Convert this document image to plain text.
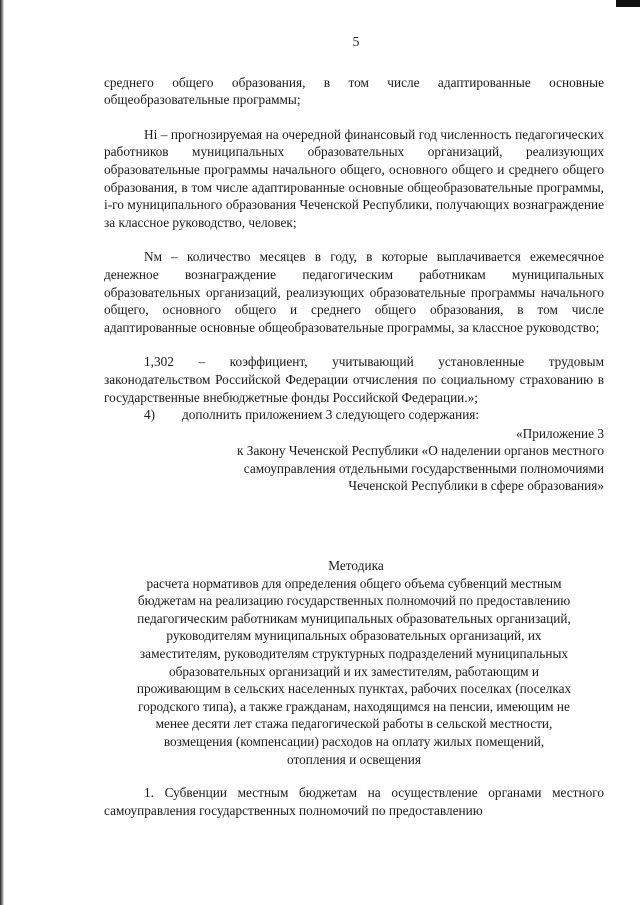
5

среднего общего образования, в том числе адаптированные основные общеобразовательные программы;

Нi – прогнозируемая на очередной финансовый год численность педагогических работников муниципальных образовательных организаций, реализующих образовательные программы начального общего, основного общего и среднего общего образования, в том числе адаптированные основные общеобразовательные программы, i-го муниципального образования Чеченской Республики, получающих вознаграждение за классное руководство, человек;

Nм – количество месяцев в году, в которые выплачивается ежемесячное денежное вознаграждение педагогическим работникам муниципальных образовательных организаций, реализующих образовательные программы начального общего, основного общего и среднего общего образования, в том числе адаптированные основные общеобразовательные программы, за классное руководство;

1,302 – коэффициент, учитывающий установленные трудовым законодательством Российской Федерации отчисления по социальному страхованию в государственные внебюджетные фонды Российской Федерации.»;

4) дополнить приложением 3 следующего содержания:

«Приложение 3
к Закону Чеченской Республики «О наделении органов местного
самоуправления отдельными государственными полномочиями
Чеченской Республики в сфере образования»

Методика

расчета нормативов для определения общего объема субвенций местным
бюджетам на реализацию государственных полномочий по предоставлению
педагогическим работникам муниципальных образовательных организаций,
руководителям муниципальных образовательных организаций, их
заместителям, руководителям структурных подразделений муниципальных
образовательных организаций и их заместителям, работающим и
проживающим в сельских населенных пунктах, рабочих поселках (поселках
городского типа), а также гражданам, находящимся на пенсии, имеющим не
менее десяти лет стажа педагогической работы в сельской местности,
возмещения (компенсации) расходов на оплату жилых помещений,
отопления и освещения

1. Субвенции местным бюджетам на осуществление органами местного самоуправления государственных полномочий по предоставлению
